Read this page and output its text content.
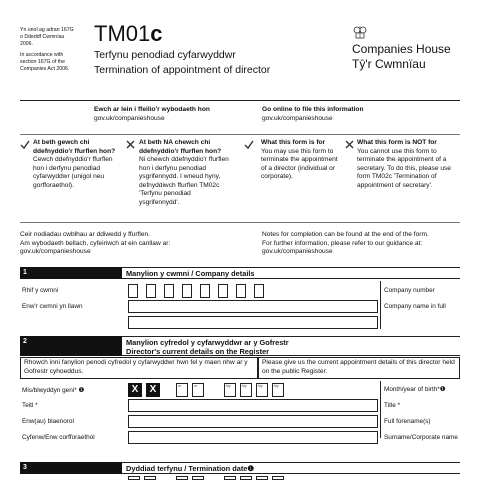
Yn unol ag adran 167G o Ddeddf Cwmnïau 2006.
In accordance with section 167G of the Companies Act 2006.
TM01c
Terfynu penodiad cyfarwyddwr
Termination of appointment of director
Companies House
Tŷ'r Cwmnïau
Ewch ar lein i ffeilio'r wybodaeth hon
gov.uk/companieshouse
Go online to file this information
gov.uk/companieshouse
At beth gewch chi ddefnyddio'r ffurflen hon?
Cewch ddefnyddio'r ffurflen hon i derfynu penodiad cyfarwyddwr (unigol neu gorfforaethol).
At beth NA chewch chi ddefnyddio'r ffurflen hon?
Ni chewch ddefnyddio'r ffurflen hon i derfynu penodiad ysgrifennydd. I wneud hyny, defnyddiwch ffurflen TM02c 'Terfynu penodiad ysgrifennydd'.
What this form is for
You may use this form to terminate the appointment of a director (individual or corporate).
What this form is NOT for
You cannot use this form to terminate the appointment of a secretary. To do this, please use form TM02c 'Termination of appointment of secretary'.
Ceir nodiadau cwblhau ar ddiwedd y ffurflen.
Am wybodaeth bellach, cyfeiriwch at ein canllaw ar:
gov.uk/companieshouse
Notes for completion can be found at the end of the form.
For further information, please refer to our guidance at:
gov.uk/companieshouse
1	Manylion y cwmni / Company details
Rhif y cwmni	Company number
Enw'r cwmni yn llawn	Company name in full
2	Manylion cyfredol y cyfarwyddwr ar y Gofrestr
Director's current details on the Register
Rhowch inni fanylion penodi cyfredol y cyfarwyddwr hwn fel y maen nhw ar y Gofrestr cyhoeddus.
Please give us the current appointment details of this director held on the public Register.
Mis/blwyddyn geni* ❶	X	X	m	m	bly	bly	bly	bly	Month/year of birth*❶
Teitl *	Title *
Enw(au) blaenorol	Full forename(s)
Cyfenw/Enw corfforaethol	Surname/Corporate name
3	Dyddiad terfynu / Termination date❶
